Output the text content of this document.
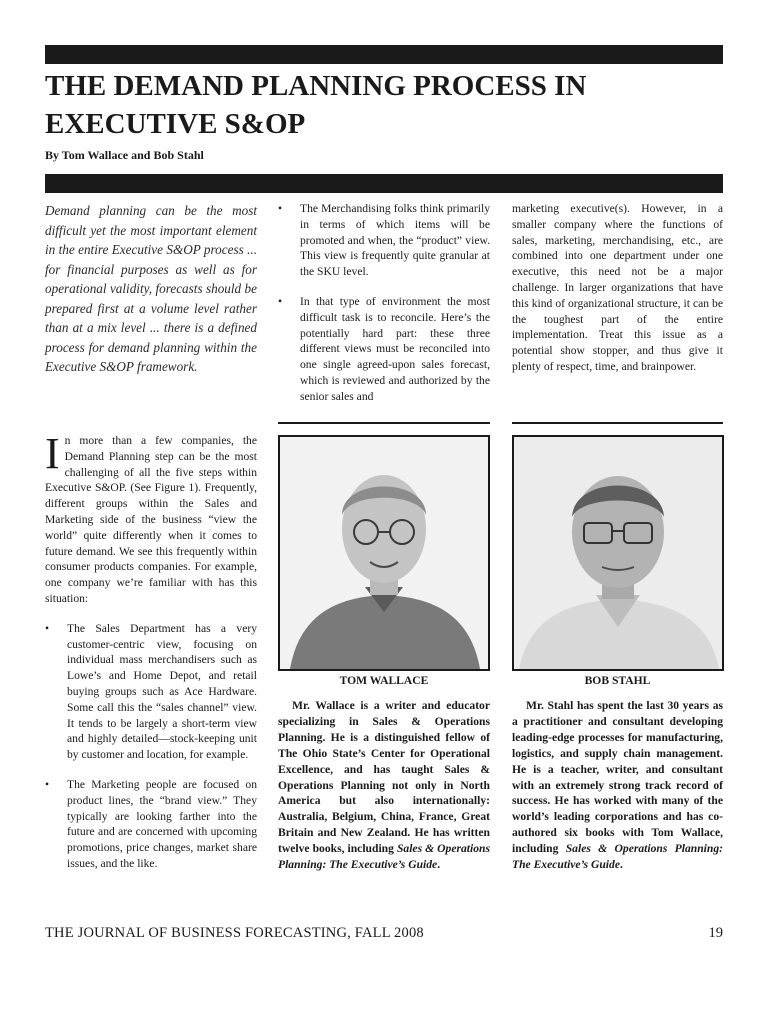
THE DEMAND PLANNING PROCESS IN EXECUTIVE S&OP
By Tom Wallace and Bob Stahl

Demand planning can be the most difficult yet the most important element in the entire Executive S&OP process ... for financial purposes as well as for operational validity, forecasts should be prepared first at a volume level rather than at a mix level ... there is a defined process for demand planning within the Executive S&OP framework.

In more than a few companies, the Demand Planning step can be the most challenging of all the five steps within Executive S&OP. (See Figure 1). Frequently, different groups within the Sales and Marketing side of the business “view the world” quite differently when it comes to future demand. We see this frequently within consumer products companies. For example, one company we’re familiar with has this situation:

• The Sales Department has a very customer-centric view, focusing on individual mass merchandisers such as Lowe’s and Home Depot, and retail buying groups such as Ace Hardware. Some call this the “sales channel” view. It tends to be largely a short-term view and highly detailed—stock-keeping unit by customer and location, for example.
• The Marketing people are focused on product lines, the “brand view.” They typically are looking farther into the future and are concerned with upcoming promotions, price changes, market share issues, and the like.
• The Merchandising folks think primarily in terms of which items will be promoted and when, the “product” view. This view is frequently quite granular at the SKU level.
• In that type of environment the most difficult task is to reconcile. Here’s the potentially hard part: these three different views must be reconciled into one single agreed-upon sales forecast, which is reviewed and authorized by the senior sales and

marketing executive(s). However, in a smaller company where the functions of sales, marketing, merchandising, etc., are combined into one department under one executive, this need not be a major challenge. In larger organizations that have this kind of organizational structure, it can be the toughest part of the entire implementation. Treat this issue as a potential show stopper, and thus give it plenty of respect, time, and brainpower.

TOM WALLACE	BOB STAHL
Mr. Wallace is a writer and educator specializing in Sales & Operations Planning. He is a distinguished fellow of The Ohio State’s Center for Operational Excellence, and has taught Sales & Operations Planning not only in North America but also internationally: Australia, Belgium, China, France, Great Britain and New Zealand. He has written twelve books, including Sales & Operations Planning: The Executive’s Guide.
Mr. Stahl has spent the last 30 years as a practitioner and consultant developing leading-edge processes for manufacturing, logistics, and supply chain management. He is a teacher, writer, and consultant with an extremely strong track record of success. He has worked with many of the world’s leading corporations and has co-authored six books with Tom Wallace, including Sales & Operations Planning: The Executive’s Guide.
THE JOURNAL OF BUSINESS FORECASTING, FALL 2008	19
